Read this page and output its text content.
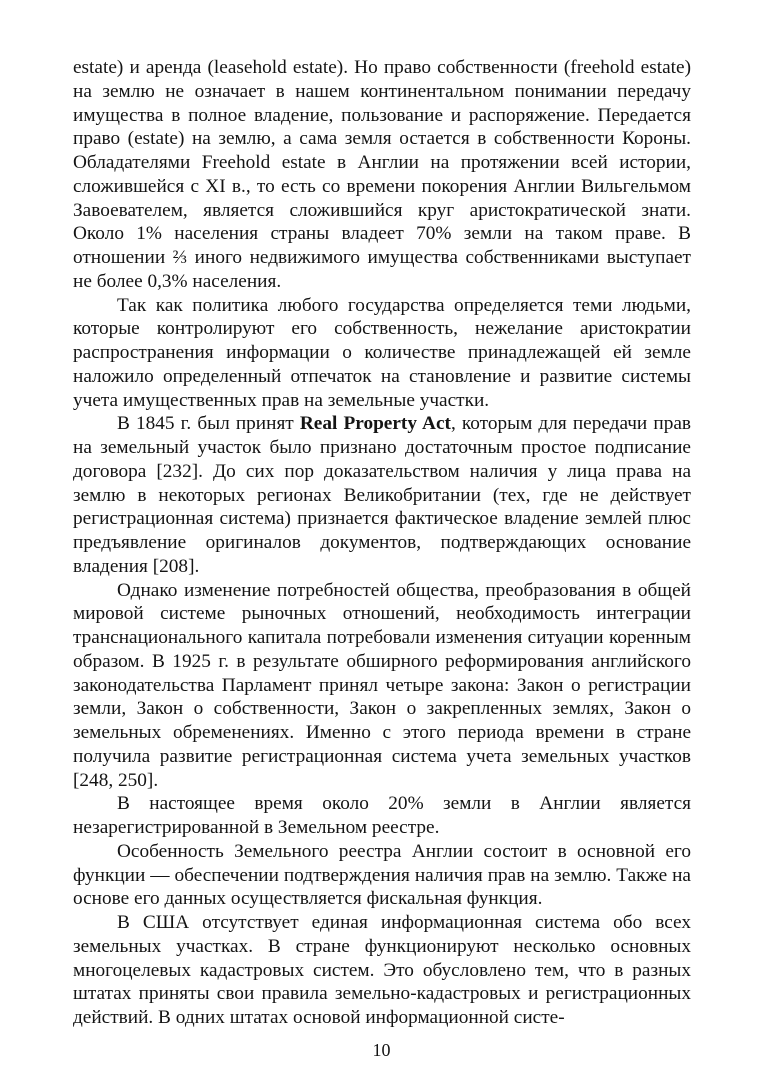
estate) и аренда (leasehold estate). Но право собственности (freehold estate) на землю не означает в нашем континентальном понимании передачу имущества в полное владение, пользование и распоряжение. Передается право (estate) на землю, а сама земля остается в собственности Короны. Обладателями Freehold estate в Англии на протяжении всей истории, сложившейся с XI в., то есть со времени покорения Англии Вильгельмом Завоевателем, является сложившийся круг аристократической знати. Около 1% населения страны владеет 70% земли на таком праве. В отношении ⅔ иного недвижимого имущества собственниками выступает не более 0,3% населения.

Так как политика любого государства определяется теми людьми, которые контролируют его собственность, нежелание аристократии распространения информации о количестве принадлежащей ей земле наложило определенный отпечаток на становление и развитие системы учета имущественных прав на земельные участки.

В 1845 г. был принят Real Property Act, которым для передачи прав на земельный участок было признано достаточным простое подписание договора [232]. До сих пор доказательством наличия у лица права на землю в некоторых регионах Великобритании (тех, где не действует регистрационная система) признается фактическое владение землей плюс предъявление оригиналов документов, подтверждающих основание владения [208].

Однако изменение потребностей общества, преобразования в общей мировой системе рыночных отношений, необходимость интеграции транснационального капитала потребовали изменения ситуации коренным образом. В 1925 г. в результате обширного реформирования английского законодательства Парламент принял четыре закона: Закон о регистрации земли, Закон о собственности, Закон о закрепленных землях, Закон о земельных обременениях. Именно с этого периода времени в стране получила развитие регистрационная система учета земельных участков [248, 250].

В настоящее время около 20% земли в Англии является незарегистрированной в Земельном реестре.

Особенность Земельного реестра Англии состоит в основной его функции — обеспечении подтверждения наличия прав на землю. Также на основе его данных осуществляется фискальная функция.

В США отсутствует единая информационная система обо всех земельных участках. В стране функционируют несколько основных многоцелевых кадастровых систем. Это обусловлено тем, что в разных штатах приняты свои правила земельно-кадастровых и регистрационных действий. В одних штатах основой информационной систе-

10
